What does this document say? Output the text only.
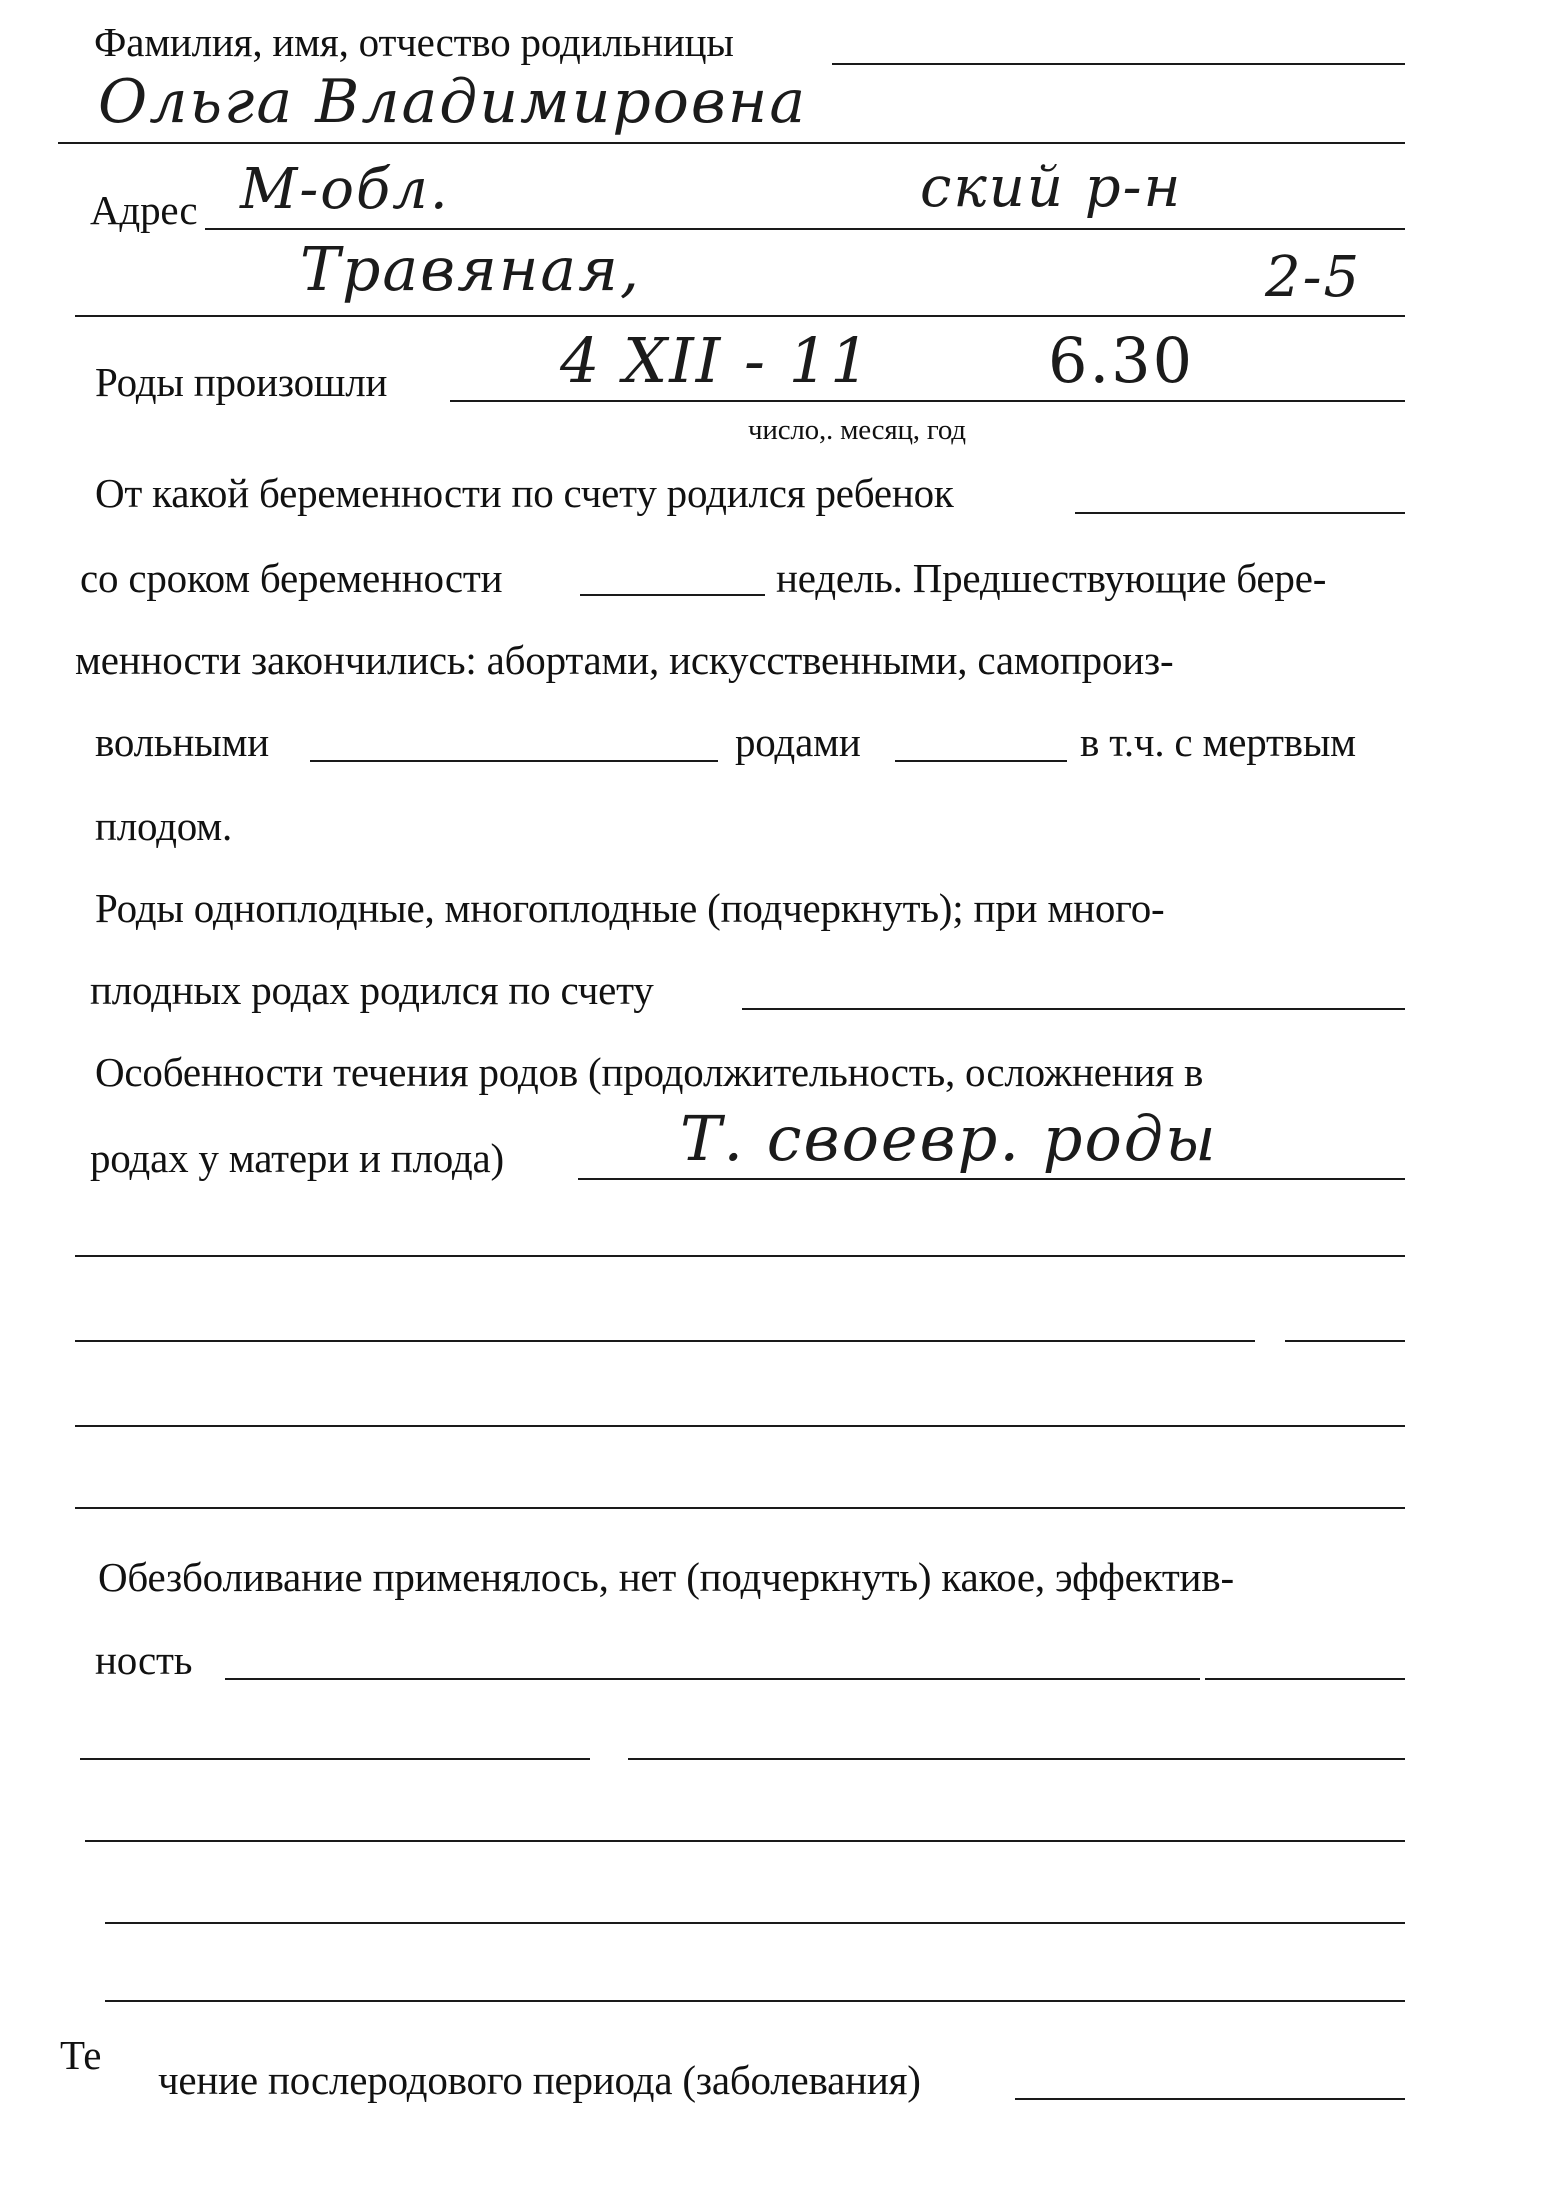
Фамилия, имя, отчество родильницы
Ольга Владимировна
Адрес М-обл.	ский р-н
Травяная,	2-5
Роды произошли	4 XII - 11	6.30
число,. месяц, год
От какой беременности по счету родился ребенок
со сроком беременности	недель. Предшествующие бере-
менности закончились: абортами, искусственными, самопроиз-
вольными	родами	в т.ч. с мертвым
плодом.
Роды одноплодные, многоплодные (подчеркнуть); при много-
плодных родах родился по счету
Особенности течения родов (продолжительность, осложнения в
родах у матери и плода)	Т. своевр. роды
Обезболивание применялось, нет (подчеркнуть) какое, эффектив-
ность
Те
чение послеродового периода (заболевания)
